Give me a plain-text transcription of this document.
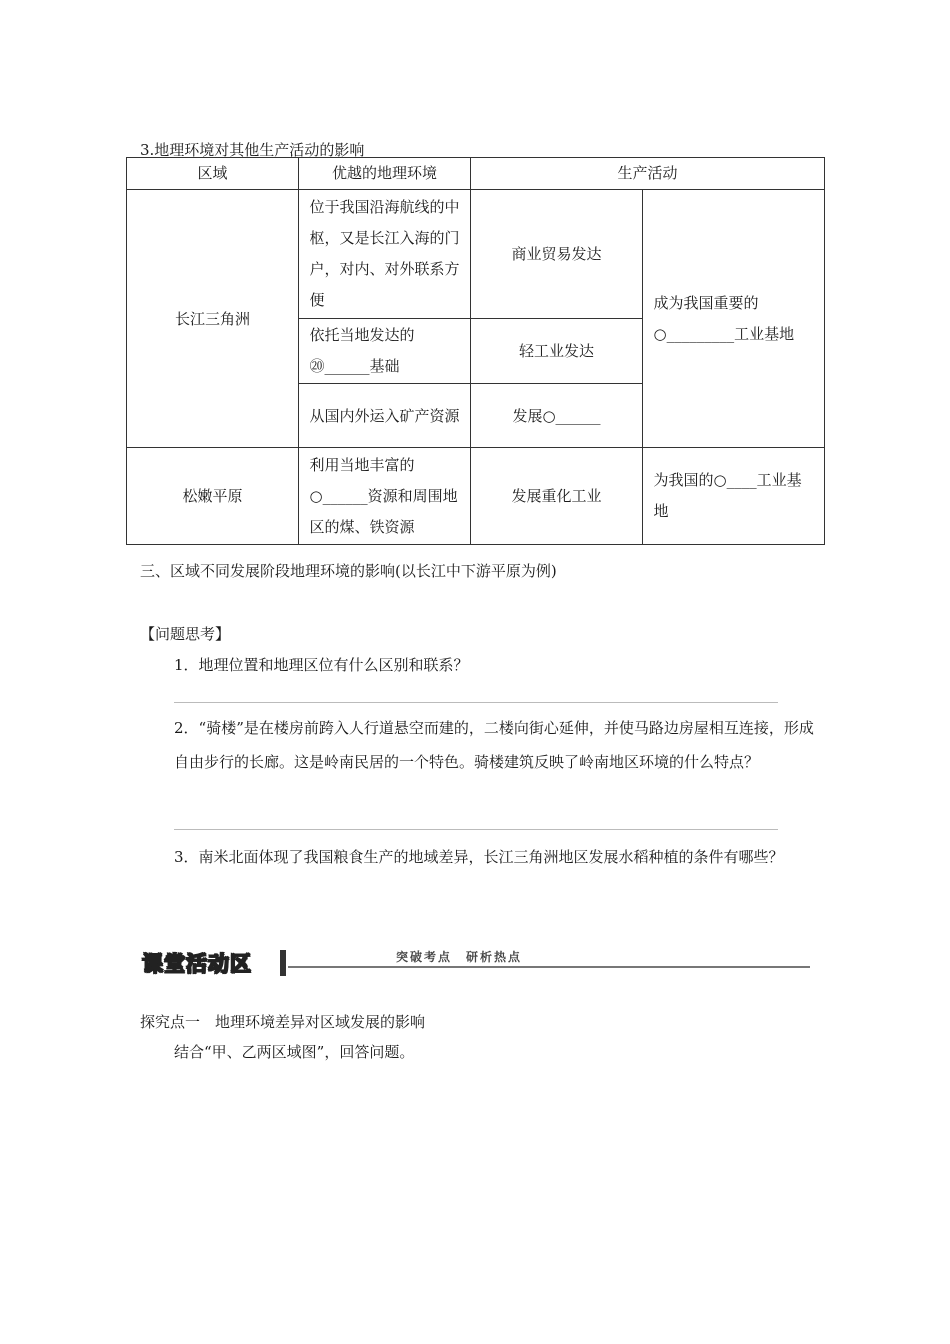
3.地理环境对其他生产活动的影响
区域	优越的地理环境	生产活动	
长江三角洲	位于我国沿海航线的中枢，又是长江入海的门户，对内、对外联系方便	商业贸易发达	成为我国重要的○_________工业基地
	依托当地发达的⑳______基础	轻工业发达	
	从国内外运入矿产资源	发展○______	
松嫩平原	利用当地丰富的○______资源和周围地区的煤、铁资源	发展重化工业	为我国的○____工业基地
三、区域不同发展阶段地理环境的影响(以长江中下游平原为例)
【问题思考】
1．地理位置和地理区位有什么区别和联系？
2．“骑楼”是在楼房前跨入人行道悬空而建的，二楼向街心延伸，并使马路边房屋相互连接，形成自由步行的长廊。这是岭南民居的一个特色。骑楼建筑反映了岭南地区环境的什么特点？
3．南米北面体现了我国粮食生产的地域差异，长江三角洲地区发展水稻种植的条件有哪些？
课堂活动区	突破考点　研析热点
探究点一　地理环境差异对区域发展的影响
结合“甲、乙两区域图”，回答问题。
